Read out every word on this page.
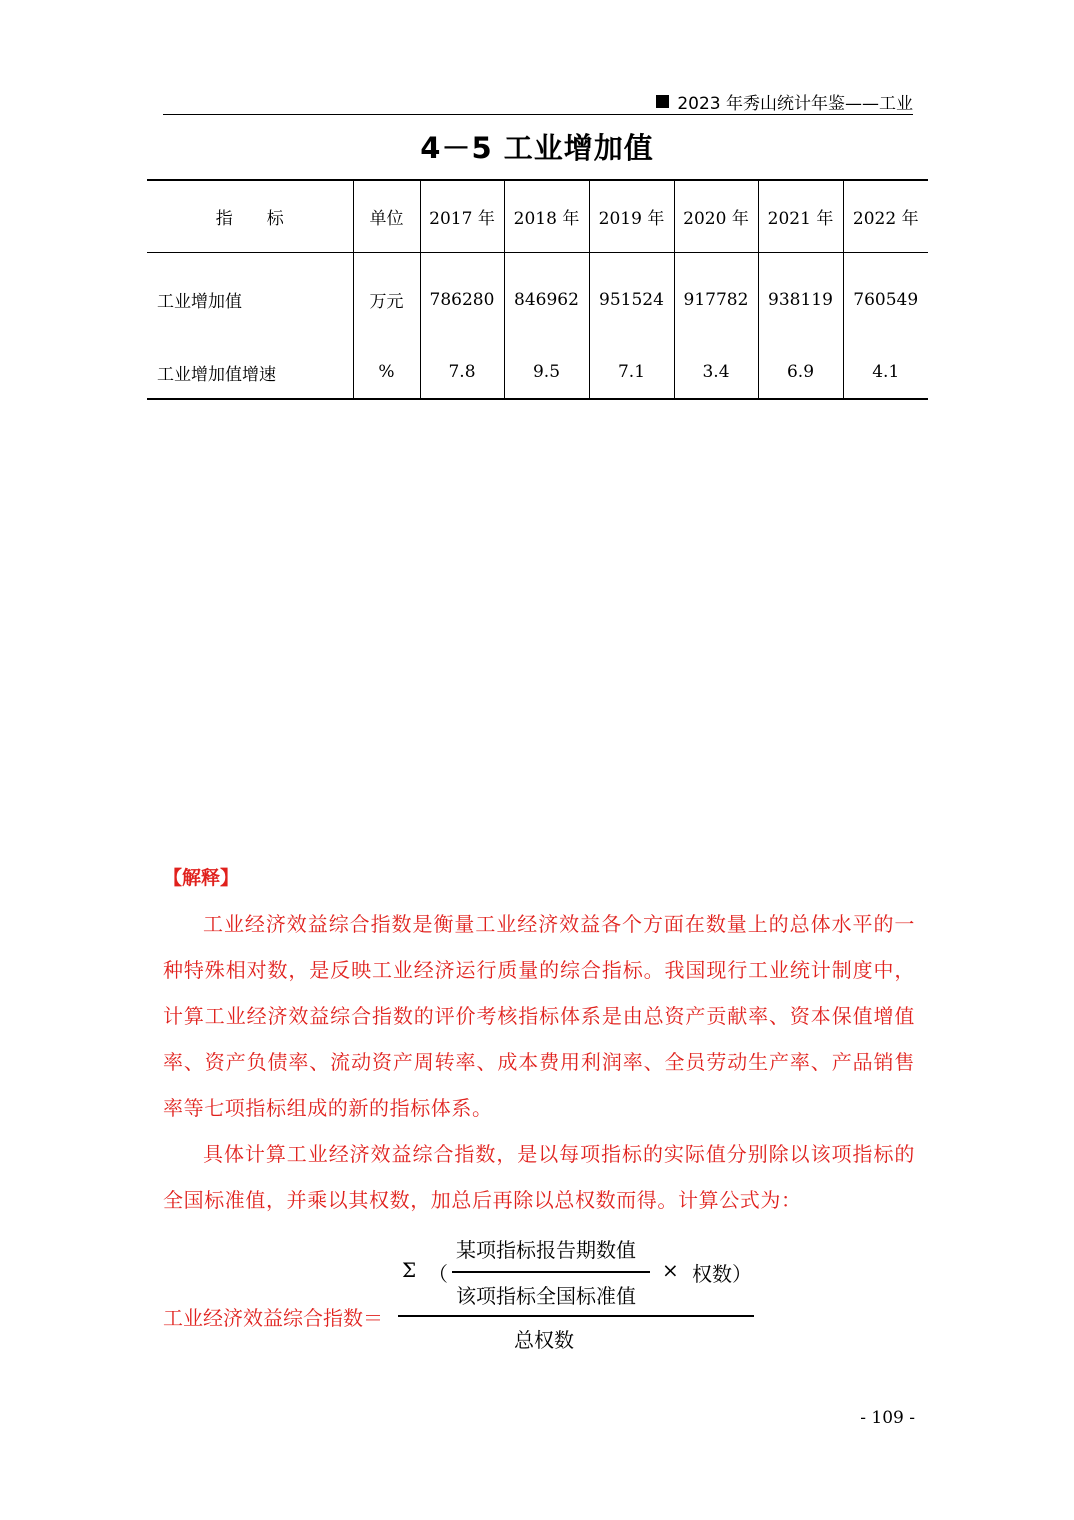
2023 年秀山统计年鉴——工业
4－5 工业增加值
指　　标	单位	2017 年	2018 年	2019 年	2020 年	2021 年	2022 年
工业增加值	万元	786280	846962	951524	917782	938119	760549
工业增加值增速	%	7.8	9.5	7.1	3.4	6.9	4.1
【解释】

工业经济效益综合指数是衡量工业经济效益各个方面在数量上的总体水平的一种特殊相对数，是反映工业经济运行质量的综合指标。我国现行工业统计制度中，计算工业经济效益综合指数的评价考核指标体系是由总资产贡献率、资本保值增值率、资产负债率、流动资产周转率、成本费用利润率、全员劳动生产率、产品销售率等七项指标组成的新的指标体系。

具体计算工业经济效益综合指数，是以每项指标的实际值分别除以该项指标的全国标准值，并乘以其权数，加总后再除以总权数而得。计算公式为：

某项指标报告期数值
Σ （	× 权数）
该项指标全国标准值
工业经济效益综合指数＝
总权数
- 109 -
